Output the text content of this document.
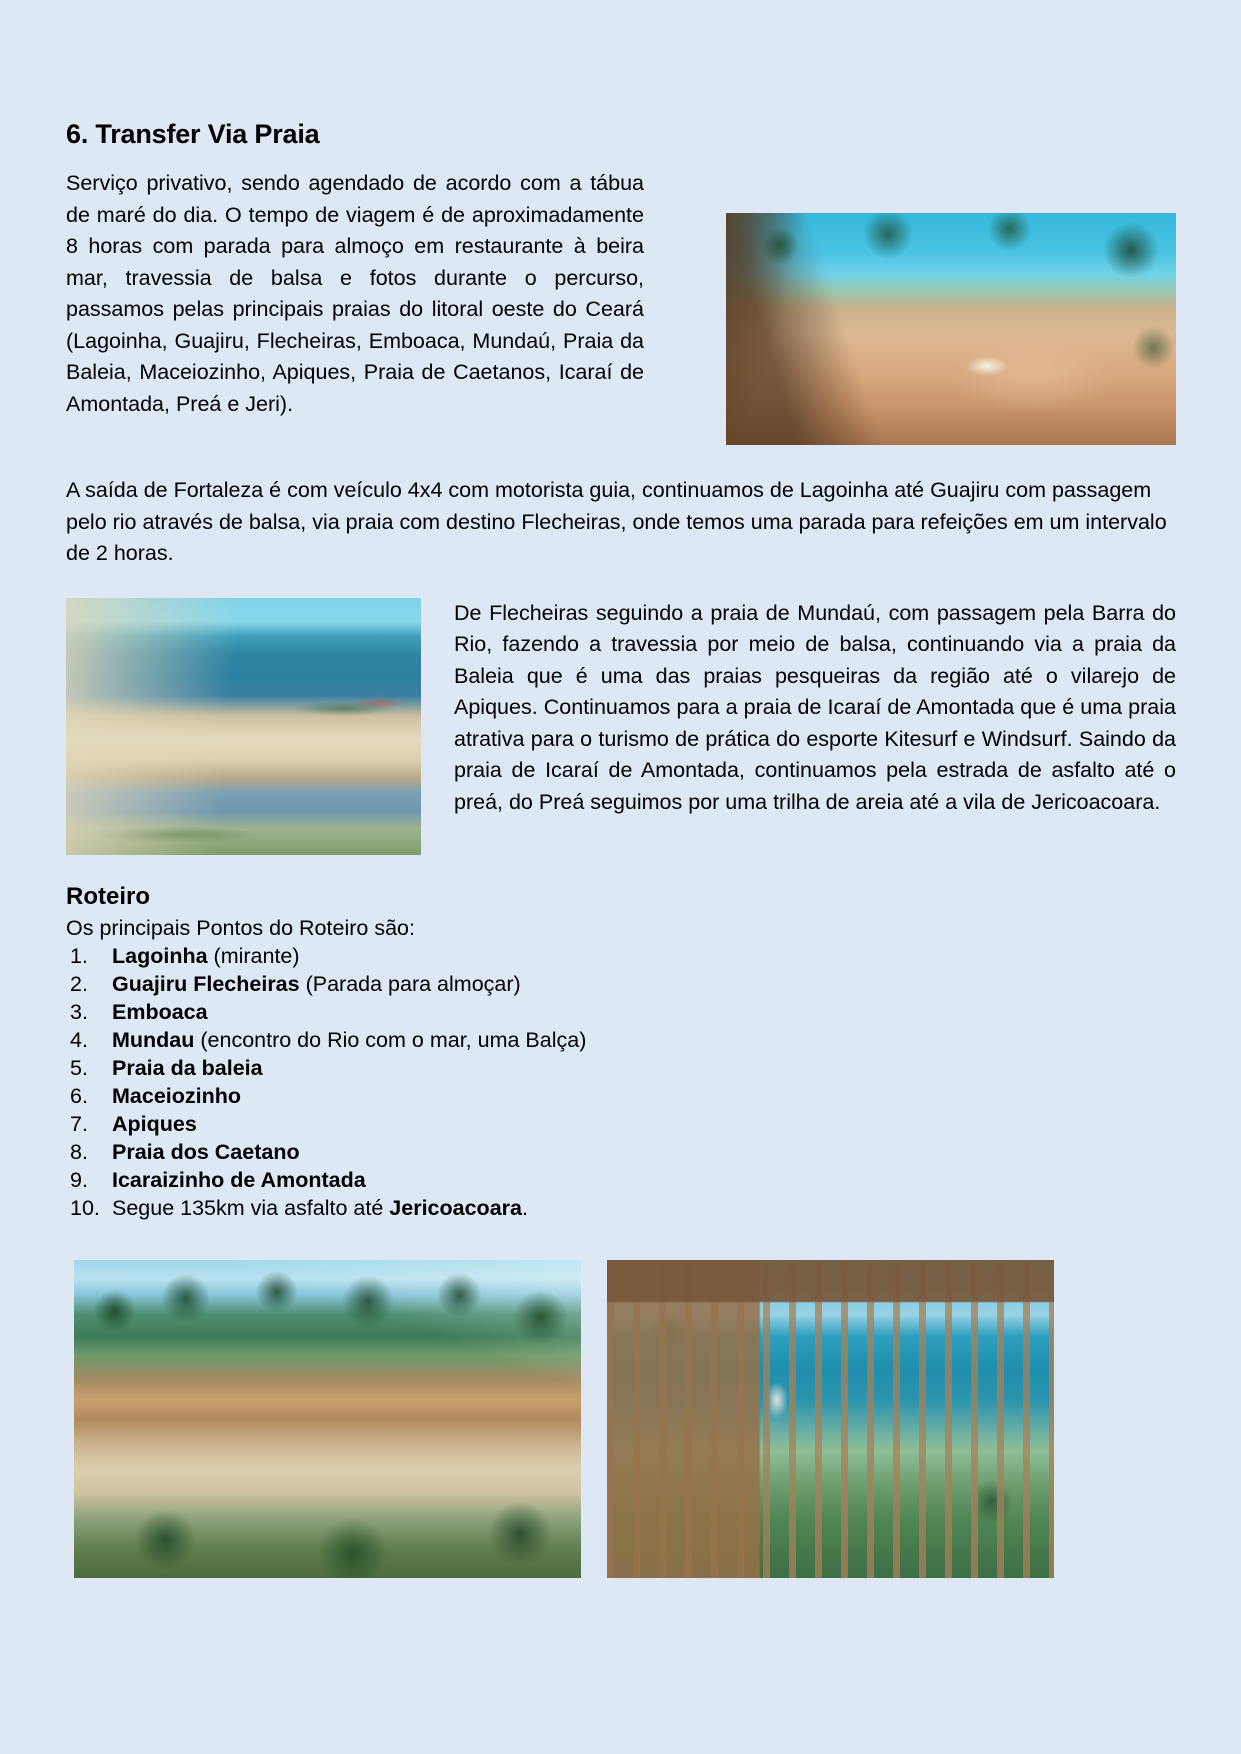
6. Transfer Via Praia

Serviço privativo, sendo agendado de acordo com a tábua de maré do dia. O tempo de viagem é de aproximadamente 8 horas com parada para almoço em restaurante à beira mar, travessia de balsa e fotos durante o percurso, passamos pelas principais praias do litoral oeste do Ceará (Lagoinha, Guajiru, Flecheiras, Emboaca, Mundaú, Praia da Baleia, Maceiozinho, Apiques, Praia de Caetanos, Icaraí de Amontada, Preá e Jeri).

A saída de Fortaleza é com veículo 4x4 com motorista guia, continuamos de Lagoinha até Guajiru com passagem pelo rio através de balsa, via praia com destino Flecheiras, onde temos uma parada para refeições em um intervalo de 2 horas.

De Flecheiras seguindo a praia de Mundaú, com passagem pela Barra do Rio, fazendo a travessia por meio de balsa, continuando via a praia da Baleia que é uma das praias pesqueiras da região até o vilarejo de Apiques. Continuamos para a praia de Icaraí de Amontada que é uma praia atrativa para o turismo de prática do esporte Kitesurf e Windsurf. Saindo da praia de Icaraí de Amontada, continuamos pela estrada de asfalto até o preá, do Preá seguimos por uma trilha de areia até a vila de Jericoacoara.

Roteiro

Os principais Pontos do Roteiro são:

1. Lagoinha (mirante)
2. Guajiru Flecheiras (Parada para almoçar)
3. Emboaca
4. Mundau (encontro do Rio com o mar, uma Balça)
5. Praia da baleia
6. Maceiozinho
7. Apiques
8. Praia dos Caetano
9. Icaraizinho de Amontada
10. Segue 135km via asfalto até Jericoacoara.
